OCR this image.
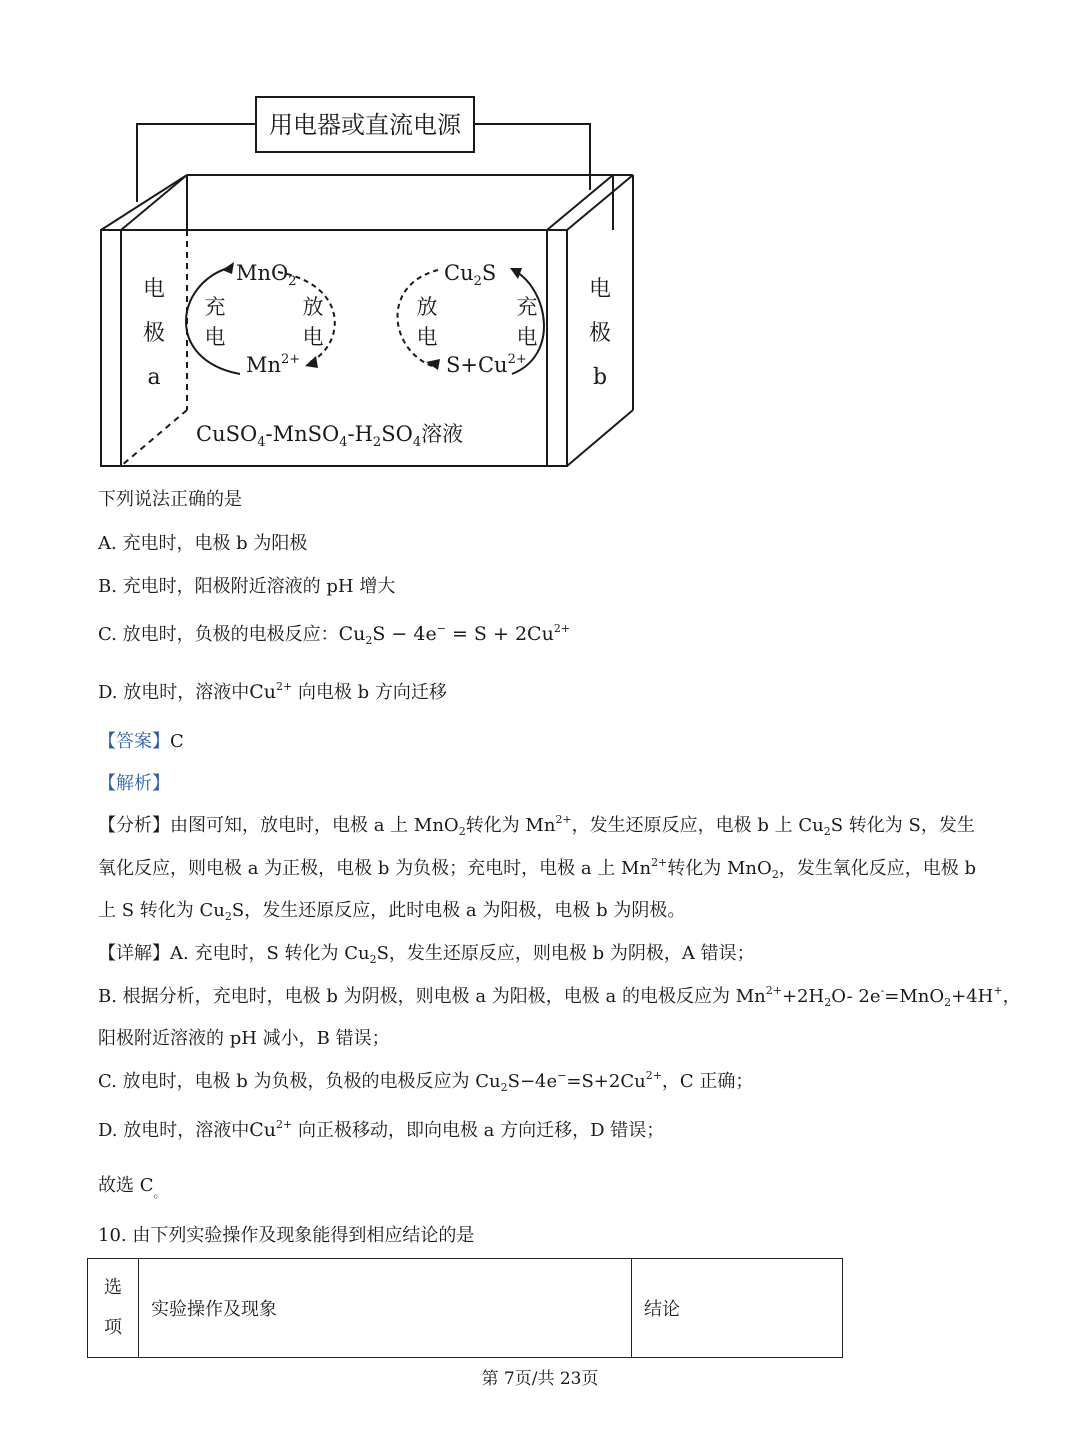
用电器或直流电源
电
极
a
电
极
b
MnO$_2$
$Mn^{2+}$
充
电
放
电
$Cu_2S$
$S+Cu^{2+}$
放
电
充
电
$CuSO_4-MnSO_4-H_2SO_4$溶液
下列说法正确的是
A. 充电时，电极 b 为阳极
B. 充电时，阳极附近溶液的 pH 增大
C. 放电时，负极的电极反应：$Cu_2S - 4e^- = S + 2Cu^{2+}$
D. 放电时，溶液中$Cu^{2+}$ 向电极 b 方向迁移
【答案】C
【解析】
【分析】由图可知，放电时，电极 a 上 MnO$_2$转化为 $Mn^{2+}$，发生还原反应，电极 b 上 $Cu_2S$ 转化为 S，发生
氧化反应，则电极 a 为正极，电极 b 为负极；充电时，电极 a 上 $Mn^{2+}$转化为 MnO$_2$，发生氧化反应，电极 b
上 S 转化为 $Cu_2S$，发生还原反应，此时电极 a 为阳极，电极 b 为阴极。
【详解】A. 充电时，S 转化为 $Cu_2S$，发生还原反应，则电极 b 为阴极，A 错误；
B. 根据分析，充电时，电极 b 为阴极，则电极 a 为阳极，电极 a 的电极反应为 $Mn^{2+}+2H_2O-$ 2e-=MnO$_2$+4H+，
阳极附近溶液的 pH 减小，B 错误；
C. 放电时，电极 b 为负极，负极的电极反应为 $Cu_2S-4e^-=S+2Cu^{2+}$，C 正确；
D. 放电时，溶液中$Cu^{2+}$ 向正极移动，即向电极 a 方向迁移，D 错误；
故选 $C_。$
10. 由下列实验操作及现象能得到相应结论的是
选
项	实验操作及现象	结论
第 7页/共 23页
